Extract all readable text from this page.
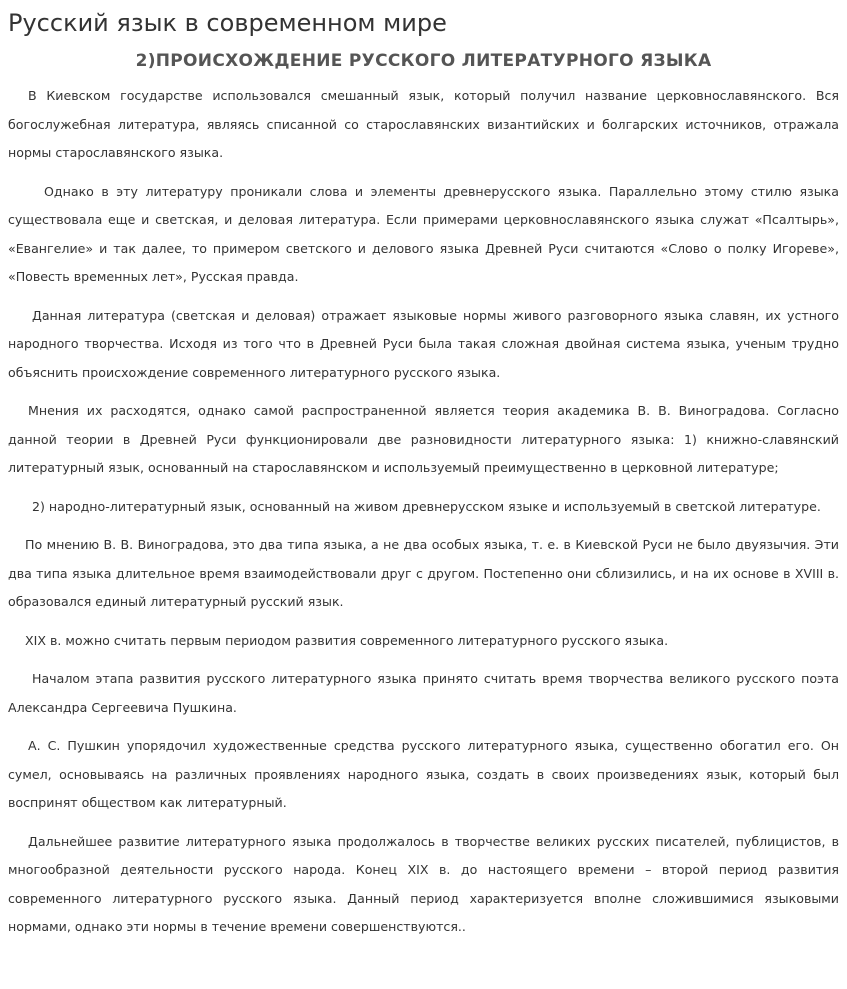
Русский язык в современном мире
2)ПРОИСХОЖДЕНИЕ РУССКОГО ЛИТЕРАТУРНОГО ЯЗЫКА

В Киевском государстве использовался смешанный язык, который получил название церковнославянского. Вся богослужебная литература, являясь списанной со старославянских византийских и болгарских источников, отражала нормы старославянского языка.

Однако в эту литературу проникали слова и элементы древнерусского языка. Параллельно этому стилю языка существовала еще и светская, и деловая литература. Если примерами церковнославянского языка служат «Псалтырь», «Евангелие» и так далее, то примером светского и делового языка Древней Руси считаются «Слово о полку Игореве», «Повесть временных лет», Русская правда.

Данная литература (светская и деловая) отражает языковые нормы живого разговорного языка славян, их устного народного творчества. Исходя из того что в Древней Руси была такая сложная двойная система языка, ученым трудно объяснить происхождение современного литературного русского языка.

Мнения их расходятся, однако самой распространенной является теория академика В. В. Виноградова. Согласно данной теории в Древней Руси функционировали две разновидности литературного языка: 1) книжно-славянский литературный язык, основанный на старославянском и используемый преимущественно в церковной литературе;

2) народно-литературный язык, основанный на живом древнерусском языке и используемый в светской литературе.

По мнению В. В. Виноградова, это два типа языка, а не два особых языка, т. е. в Киевской Руси не было двуязычия. Эти два типа языка длительное время взаимодействовали друг с другом. Постепенно они сблизились, и на их основе в XVIII в. образовался единый литературный русский язык.

XIX в. можно считать первым периодом развития современного литературного русского языка.

Началом этапа развития русского литературного языка принято считать время творчества великого русского поэта Александра Сергеевича Пушкина.

А. С. Пушкин упорядочил художественные средства русского литературного языка, существенно обогатил его. Он сумел, основываясь на различных проявлениях народного языка, создать в своих произведениях язык, который был воспринят обществом как литературный.

Дальнейшее развитие литературного языка продолжалось в творчестве великих русских писателей, публицистов, в многообразной деятельности русского народа. Конец XIX в. до настоящего времени – второй период развития современного литературного русского языка. Данный период характеризуется вполне сложившимися языковыми нормами, однако эти нормы в течение времени совершенствуются..
